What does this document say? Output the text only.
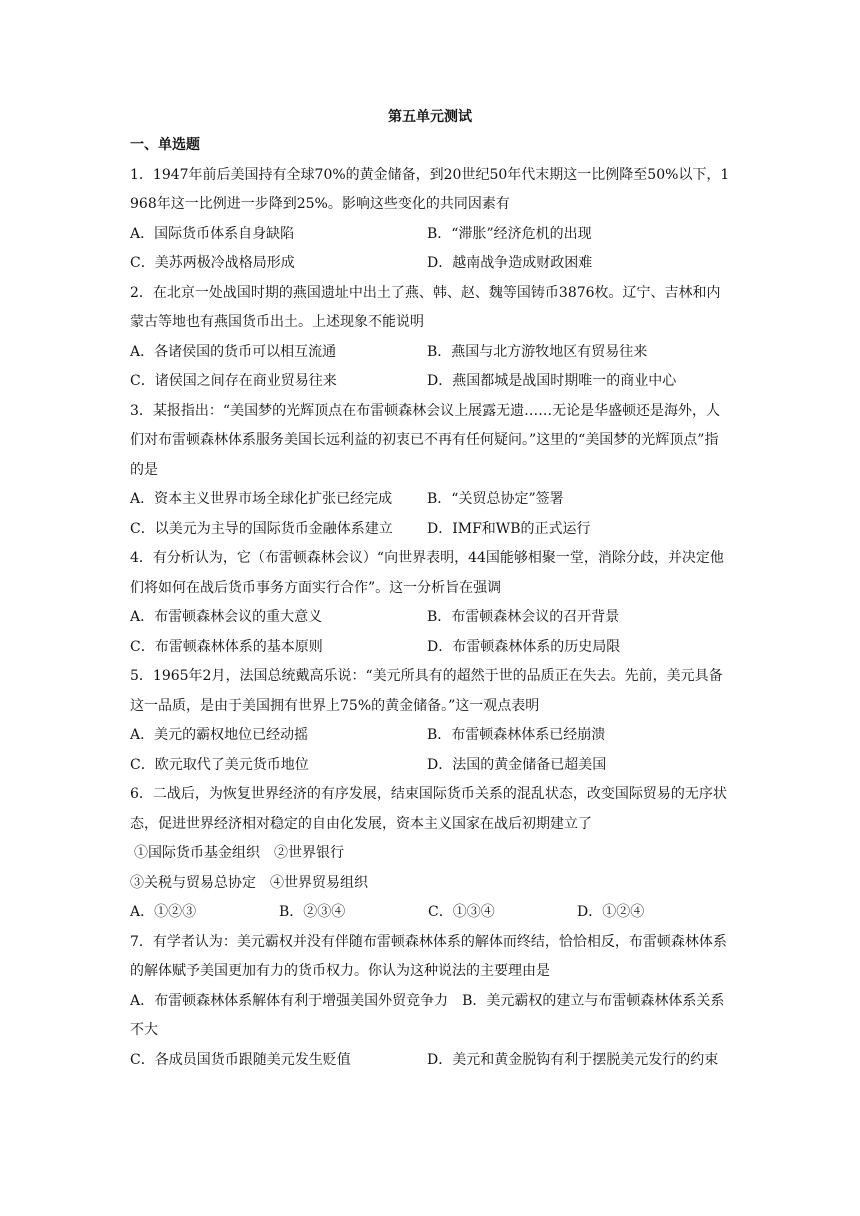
第五单元测试
一、单选题
1．1947年前后美国持有全球70%的黄金储备，到20世纪50年代末期这一比例降至50%以下，1968年这一比例进一步降到25%。影响这些变化的共同因素有
A．国际货币体系自身缺陷	B．“滞胀”经济危机的出现
C．美苏两极冷战格局形成	D．越南战争造成财政困难
2．在北京一处战国时期的燕国遗址中出土了燕、韩、赵、魏等国铸币3876枚。辽宁、吉林和内蒙古等地也有燕国货币出土。上述现象不能说明
A．各诸侯国的货币可以相互流通	B．燕国与北方游牧地区有贸易往来
C．诸侯国之间存在商业贸易往来	D．燕国都城是战国时期唯一的商业中心
3．某报指出：“美国梦的光辉顶点在布雷顿森林会议上展露无遗……无论是华盛顿还是海外，人们对布雷顿森林体系服务美国长远利益的初衷已不再有任何疑问。”这里的“美国梦的光辉顶点”指的是
A．资本主义世界市场全球化扩张已经完成	B．“关贸总协定”签署
C．以美元为主导的国际货币金融体系建立	D．IMF和WB的正式运行
4．有分析认为，它（布雷顿森林会议）“向世界表明，44国能够相聚一堂，消除分歧，并决定他们将如何在战后货币事务方面实行合作”。这一分析旨在强调
A．布雷顿森林会议的重大意义	B．布雷顿森林会议的召开背景
C．布雷顿森林体系的基本原则	D．布雷顿森林体系的历史局限
5．1965年2月，法国总统戴高乐说：“美元所具有的超然于世的品质正在失去。先前，美元具备这一品质，是由于美国拥有世界上75%的黄金储备。”这一观点表明
A．美元的霸权地位已经动摇	B．布雷顿森林体系已经崩溃
C．欧元取代了美元货币地位	D．法国的黄金储备已超美国
6．二战后，为恢复世界经济的有序发展，结束国际货币关系的混乱状态，改变国际贸易的无序状态，促进世界经济相对稳定的自由化发展，资本主义国家在战后初期建立了
①国际货币基金组织　②世界银行
③关税与贸易总协定　④世界贸易组织
A．①②③	B．②③④	C．①③④	D．①②④
7．有学者认为：美元霸权并没有伴随布雷顿森林体系的解体而终结，恰恰相反，布雷顿森林体系的解体赋予美国更加有力的货币权力。你认为这种说法的主要理由是
A．布雷顿森林体系解体有利于增强美国外贸竞争力　 B．美元霸权的建立与布雷顿森林体系关系不大
C．各成员国货币跟随美元发生贬值	D．美元和黄金脱钩有利于摆脱美元发行的约束
